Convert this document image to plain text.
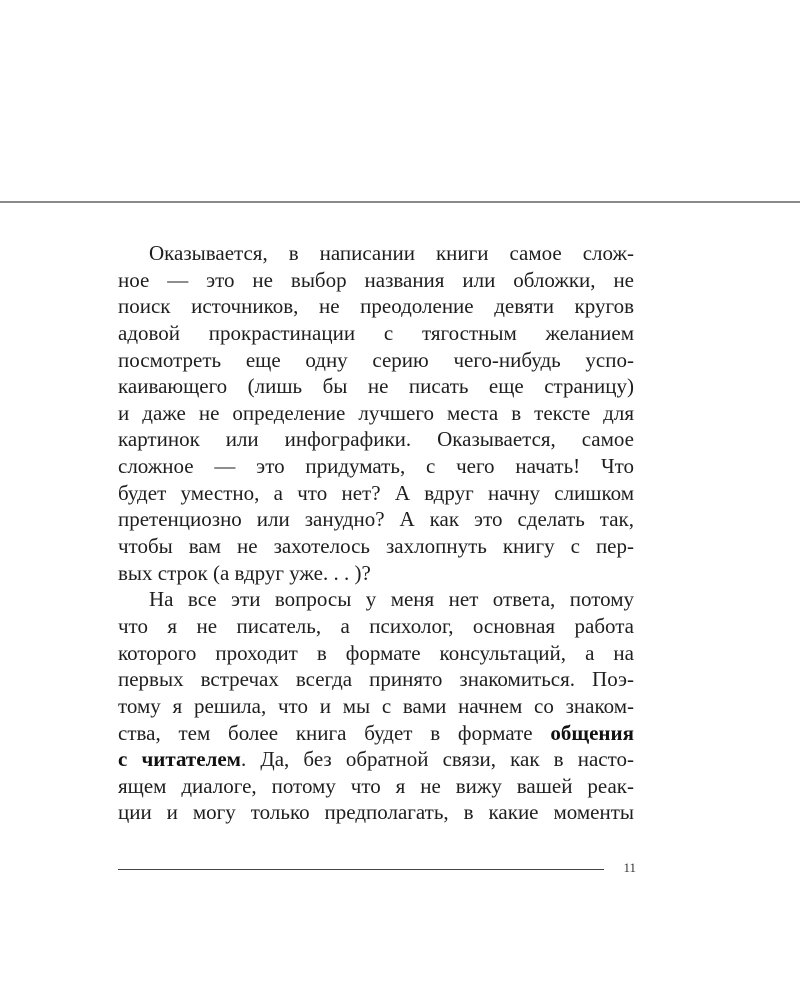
Оказывается, в написании книги самое слож-
ное — это не выбор названия или обложки, не
поиск источников, не преодоление девяти кругов
адовой прокрастинации с тягостным желанием
посмотреть еще одну серию чего-нибудь успо-
каивающего (лишь бы не писать еще страницу)
и даже не определение лучшего места в тексте для
картинок или инфографики. Оказывается, самое
сложное — это придумать, с чего начать! Что
будет уместно, а что нет? А вдруг начну слишком
претенциозно или занудно? А как это сделать так,
чтобы вам не захотелось захлопнуть книгу с пер-
вых строк (а вдруг уже. . . )?
На все эти вопросы у меня нет ответа, потому
что я не писатель, а психолог, основная работа
которого проходит в формате консультаций, а на
первых встречах всегда принято знакомиться. Поэ-
тому я решила, что и мы с вами начнем со знаком-
ства, тем более книга будет в формате общения
с читателем. Да, без обратной связи, как в насто-
ящем диалоге, потому что я не вижу вашей реак-
ции и могу только предполагать, в какие моменты
11
